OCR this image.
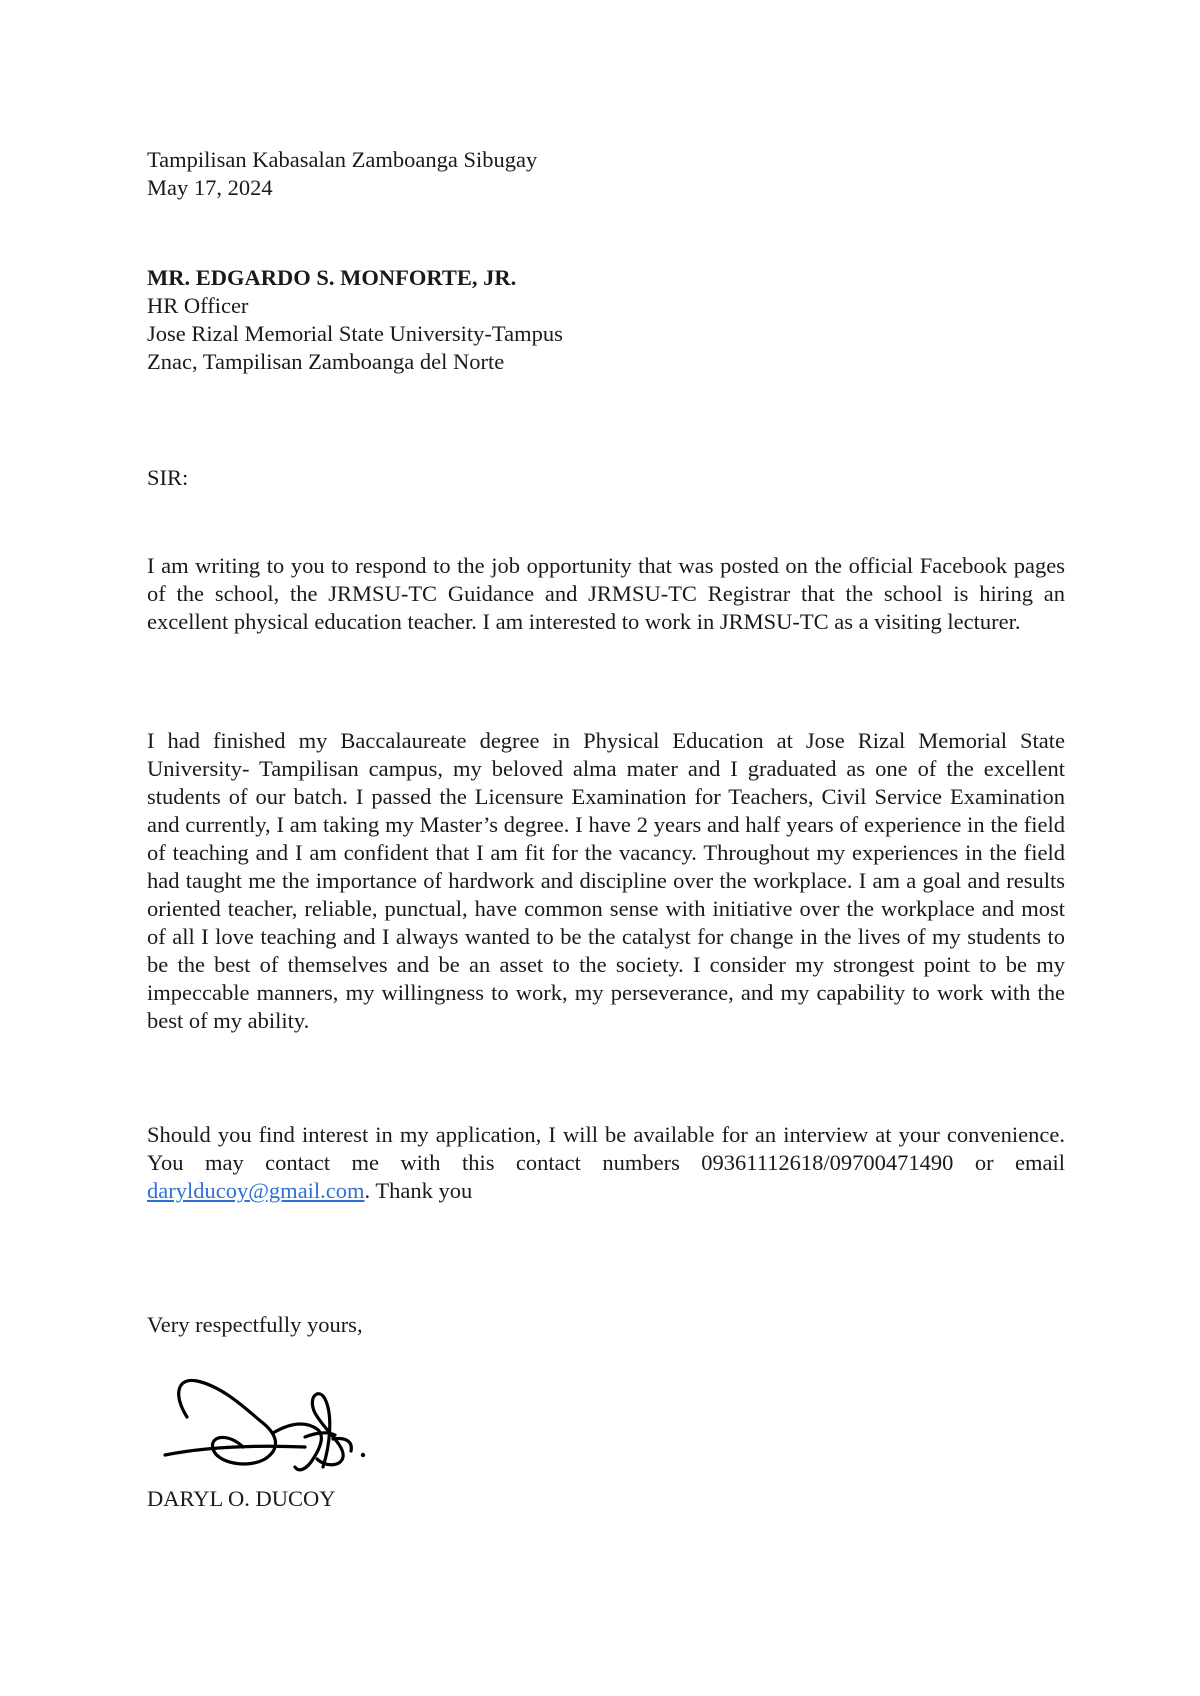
Tampilisan Kabasalan Zamboanga Sibugay
May 17, 2024
MR. EDGARDO S. MONFORTE, JR.
HR Officer
Jose Rizal Memorial State University-Tampus
Znac, Tampilisan Zamboanga del Norte
SIR:
I am writing to you to respond to the job opportunity that was posted on the official Facebook pages of the school, the JRMSU-TC Guidance and JRMSU-TC Registrar that the school is hiring an excellent physical education teacher. I am interested to work in JRMSU-TC as a visiting lecturer.
I had finished my Baccalaureate degree in Physical Education at Jose Rizal Memorial State University- Tampilisan campus, my beloved alma mater and I graduated as one of the excellent students of our batch. I passed the Licensure Examination for Teachers, Civil Service Examination and currently, I am taking my Master’s degree. I have 2 years and half years of experience in the field of teaching and I am confident that I am fit for the vacancy. Throughout my experiences in the field had taught me the importance of hardwork and discipline over the workplace. I am a goal and results oriented teacher, reliable, punctual, have common sense with initiative over the workplace and most of all I love teaching and I always wanted to be the catalyst for change in the lives of my students to be the best of themselves and be an asset to the society. I consider my strongest point to be my impeccable manners, my willingness to work, my perseverance, and my capability to work with the best of my ability.
Should you find interest in my application, I will be available for an interview at your convenience. You may contact me with this contact numbers 09361112618/09700471490 or email darylducoy@gmail.com. Thank you
Very respectfully yours,
DARYL O. DUCOY
